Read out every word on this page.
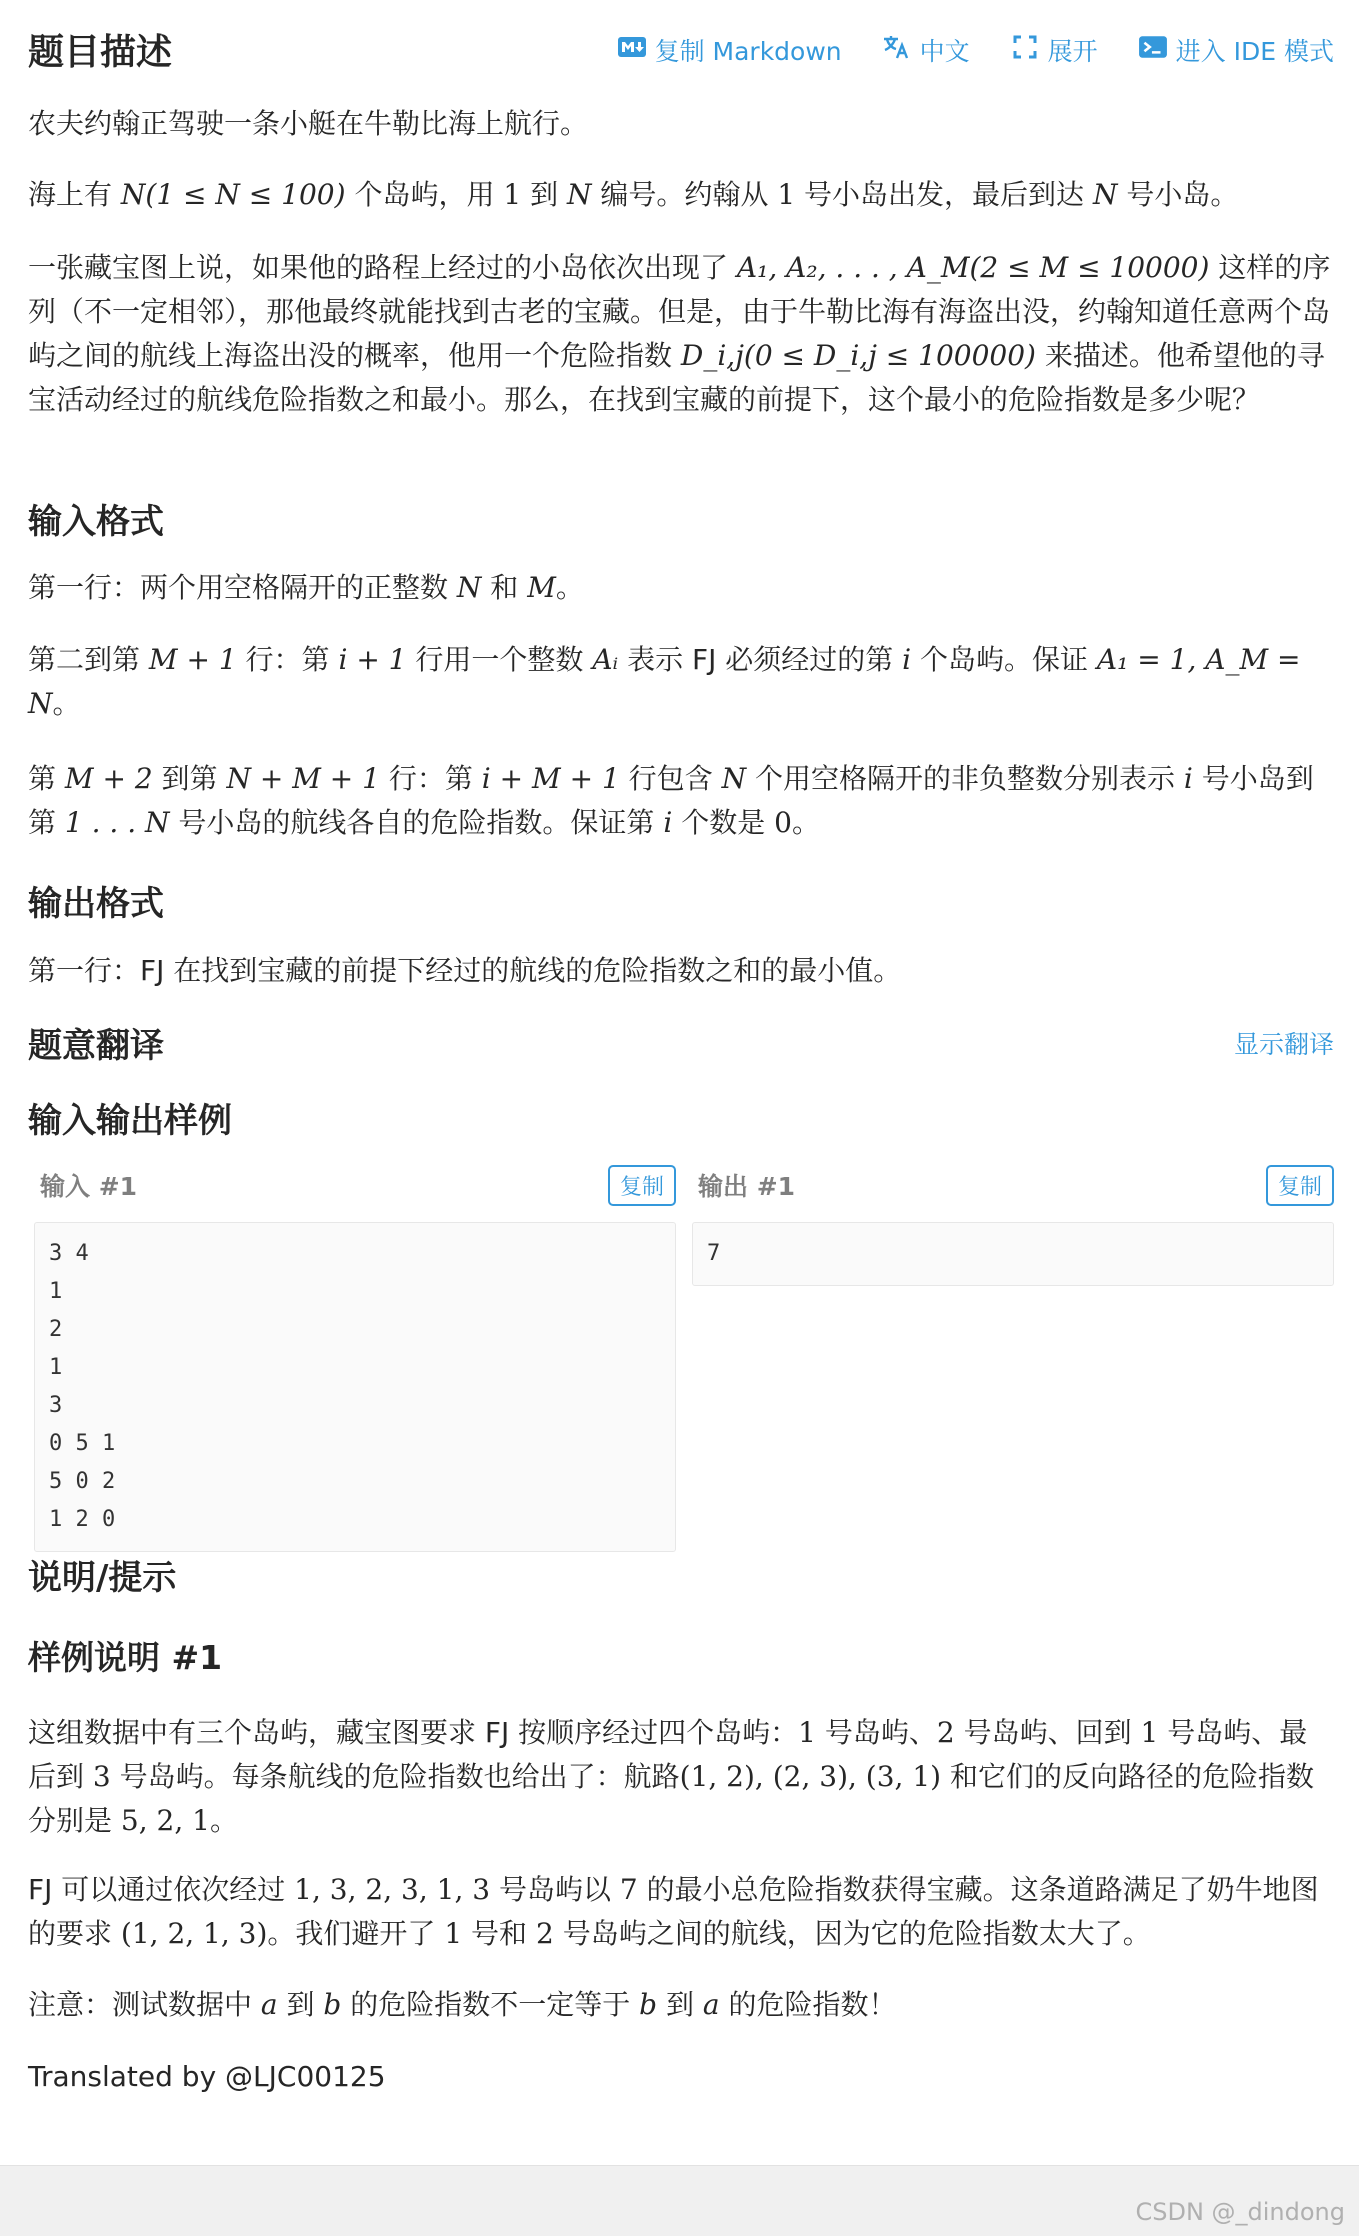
题目描述	复制 Markdown	中文	展开	进入 IDE 模式

农夫约翰正驾驶一条小艇在牛勒比海上航行。

海上有 N(1 ≤ N ≤ 100) 个岛屿，用 1 到 N 编号。约翰从 1 号小岛出发，最后到达 N 号小岛。

一张藏宝图上说，如果他的路程上经过的小岛依次出现了 A₁, A₂, . . . , A_M(2 ≤ M ≤ 10000) 这样的序列（不一定相邻），那他最终就能找到古老的宝藏。但是，由于牛勒比海有海盗出没，约翰知道任意两个岛屿之间的航线上海盗出没的概率，他用一个危险指数 D_i,j(0 ≤ D_i,j ≤ 100000) 来描述。他希望他的寻宝活动经过的航线危险指数之和最小。那么，在找到宝藏的前提下，这个最小的危险指数是多少呢？

输入格式

第一行：两个用空格隔开的正整数 N 和 M。

第二到第 M + 1 行：第 i + 1 行用一个整数 Aᵢ 表示 FJ 必须经过的第 i 个岛屿。保证 A₁ = 1, A_M = N。

第 M + 2 到第 N + M + 1 行：第 i + M + 1 行包含 N 个用空格隔开的非负整数分别表示 i 号小岛到第 1 . . . N 号小岛的航线各自的危险指数。保证第 i 个数是 0。

输出格式

第一行：FJ 在找到宝藏的前提下经过的航线的危险指数之和的最小值。

题意翻译	显示翻译
输入输出样例
输入 #1	复制
3 4
1
2
1
3
0 5 1
5 0 2
1 2 0
输出 #1	复制
7
说明/提示
样例说明 #1

这组数据中有三个岛屿，藏宝图要求 FJ 按顺序经过四个岛屿：1 号岛屿、2 号岛屿、回到 1 号岛屿、最后到 3 号岛屿。每条航线的危险指数也给出了：航路(1, 2), (2, 3), (3, 1) 和它们的反向路径的危险指数分别是 5, 2, 1。

FJ 可以通过依次经过 1, 3, 2, 3, 1, 3 号岛屿以 7 的最小总危险指数获得宝藏。这条道路满足了奶牛地图的要求 (1, 2, 1, 3)。我们避开了 1 号和 2 号岛屿之间的航线，因为它的危险指数太大了。

注意：测试数据中 a 到 b 的危险指数不一定等于 b 到 a 的危险指数！

Translated by @LJC00125

CSDN @_dindong
